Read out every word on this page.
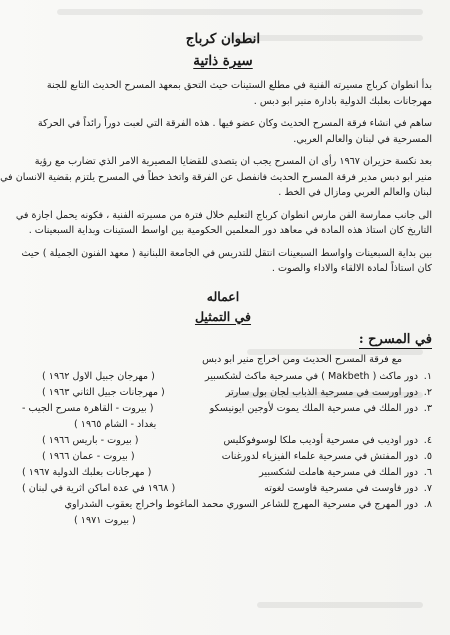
انطوان كرباج
سيرة ذاتية

بدأ انطوان كرباج مسيرته الفنية في مطلع الستينات حيث التحق بمعهد المسرح الحديث التابع للجنة
مهرجانات بعلبك الدولية بادارة منير ابو دبس .

ساهم في انشاء فرقة المسرح الحديث وكان عضو فيها . هذه الفرقة التي لعبت دوراً رائداً في الحركة
المسرحية في لبنان والعالم العربي.

بعد نكسة حزيران ١٩٦٧ رأى ان المسرح يجب ان يتصدى للقضايا المصيرية الامر الذي تضارب مع رؤية
منير ابو دبس مدير فرقة المسرح الحديث فانفصل عن الفرقة واتخذ خطاً في المسرح يلتزم بقضية الانسان في
لبنان والعالم العربي ومازال في الخط .

الى جانب ممارسة الفن مارس انطوان كرباج التعليم خلال فترة من مسيرته الفنية ، فكونه يحمل اجازة في
التاريخ كان استاذ هذه المادة في معاهد دور المعلمين الحكومية بين اواسط الستينات وبداية السبعينات .

بين بداية السبعينات واواسط السبعينات انتقل للتدريس في الجامعة اللبنانية ( معهد الفنون الجميلة ) حيث
كان استاذاً لمادة الالقاء والاداء والصوت .

اعماله
في التمثيل
في المسرح :

مع فرقة المسرح الحديث ومن اخراج منير ابو دبس

١.دور ماكث ( Makbeth ) في مسرحية ماكث لشكسبير
( مهرجان جبيل الاول ١٩٦٢ )
٢.دور اورست في مسرحية الذباب لجان بول سارتر
( مهرجانات جبيل الثاني ١٩٦٣ )
٣.دور الملك في مسرحية الملك يموت لأوجين ايونيسكو
( بيروت - القاهرة مسرح الجيب -
بغداد - الشام ١٩٦٥ )
٤.دور اوديب في مسرحية أوديب ملكا لوسوفوكليس
( بيروت - باريس ١٩٦٦ )
٥.دور المفتش في مسرحية علماء الفيزياء لدورغنات
( بيروت - عمان ١٩٦٦ )
٦.دور الملك في مسرحية هاملت لشكسبير
( مهرجانات بعلبك الدولية ١٩٦٧ )
٧.دور فاوست في مسرحية فاوست لغوته
( ١٩٦٨ في عدة اماكن اثرية في لبنان )
٨.دور المهرج في مسرحية المهرج للشاعر السوري محمد الماغوط واخراج يعقوب الشدراوي
( بيروت ١٩٧١ )
